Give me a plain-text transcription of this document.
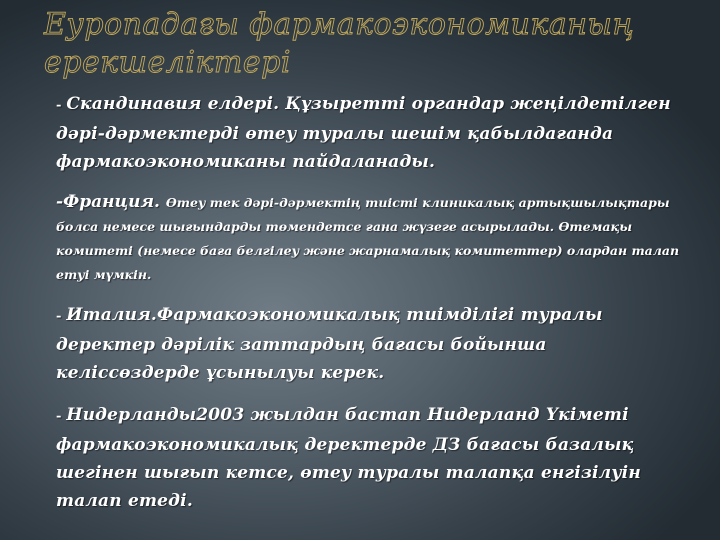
Еуропадағы фармакоэкономиканың ерекшеліктері

- Скандинавия елдері. Құзыретті органдар жеңілдетілген дәрі-дәрмектерді өтеу туралы шешім қабылдағанда фармакоэкономиканы пайдаланады.

-Франция. Өтеу тек дәрі-дәрмектің тиісті клиникалық артықшылықтары болса немесе шығындарды төмендетсе ғана жүзеге асырылады. Өтемақы комитеті (немесе баға белгілеу және жарнамалық комитеттер) олардан талап етуі мүмкін.

- Италия.Фармакоэкономикалық тиімділігі туралы деректер дәрілік заттардың бағасы бойынша келіссөздерде ұсынылуы керек.

- Нидерланды2003 жылдан бастап Нидерланд Үкіметі фармакоэкономикалық деректерде ДЗ бағасы базалық шегінен шығып кетсе, өтеу туралы талапқа енгізілуін талап етеді.
